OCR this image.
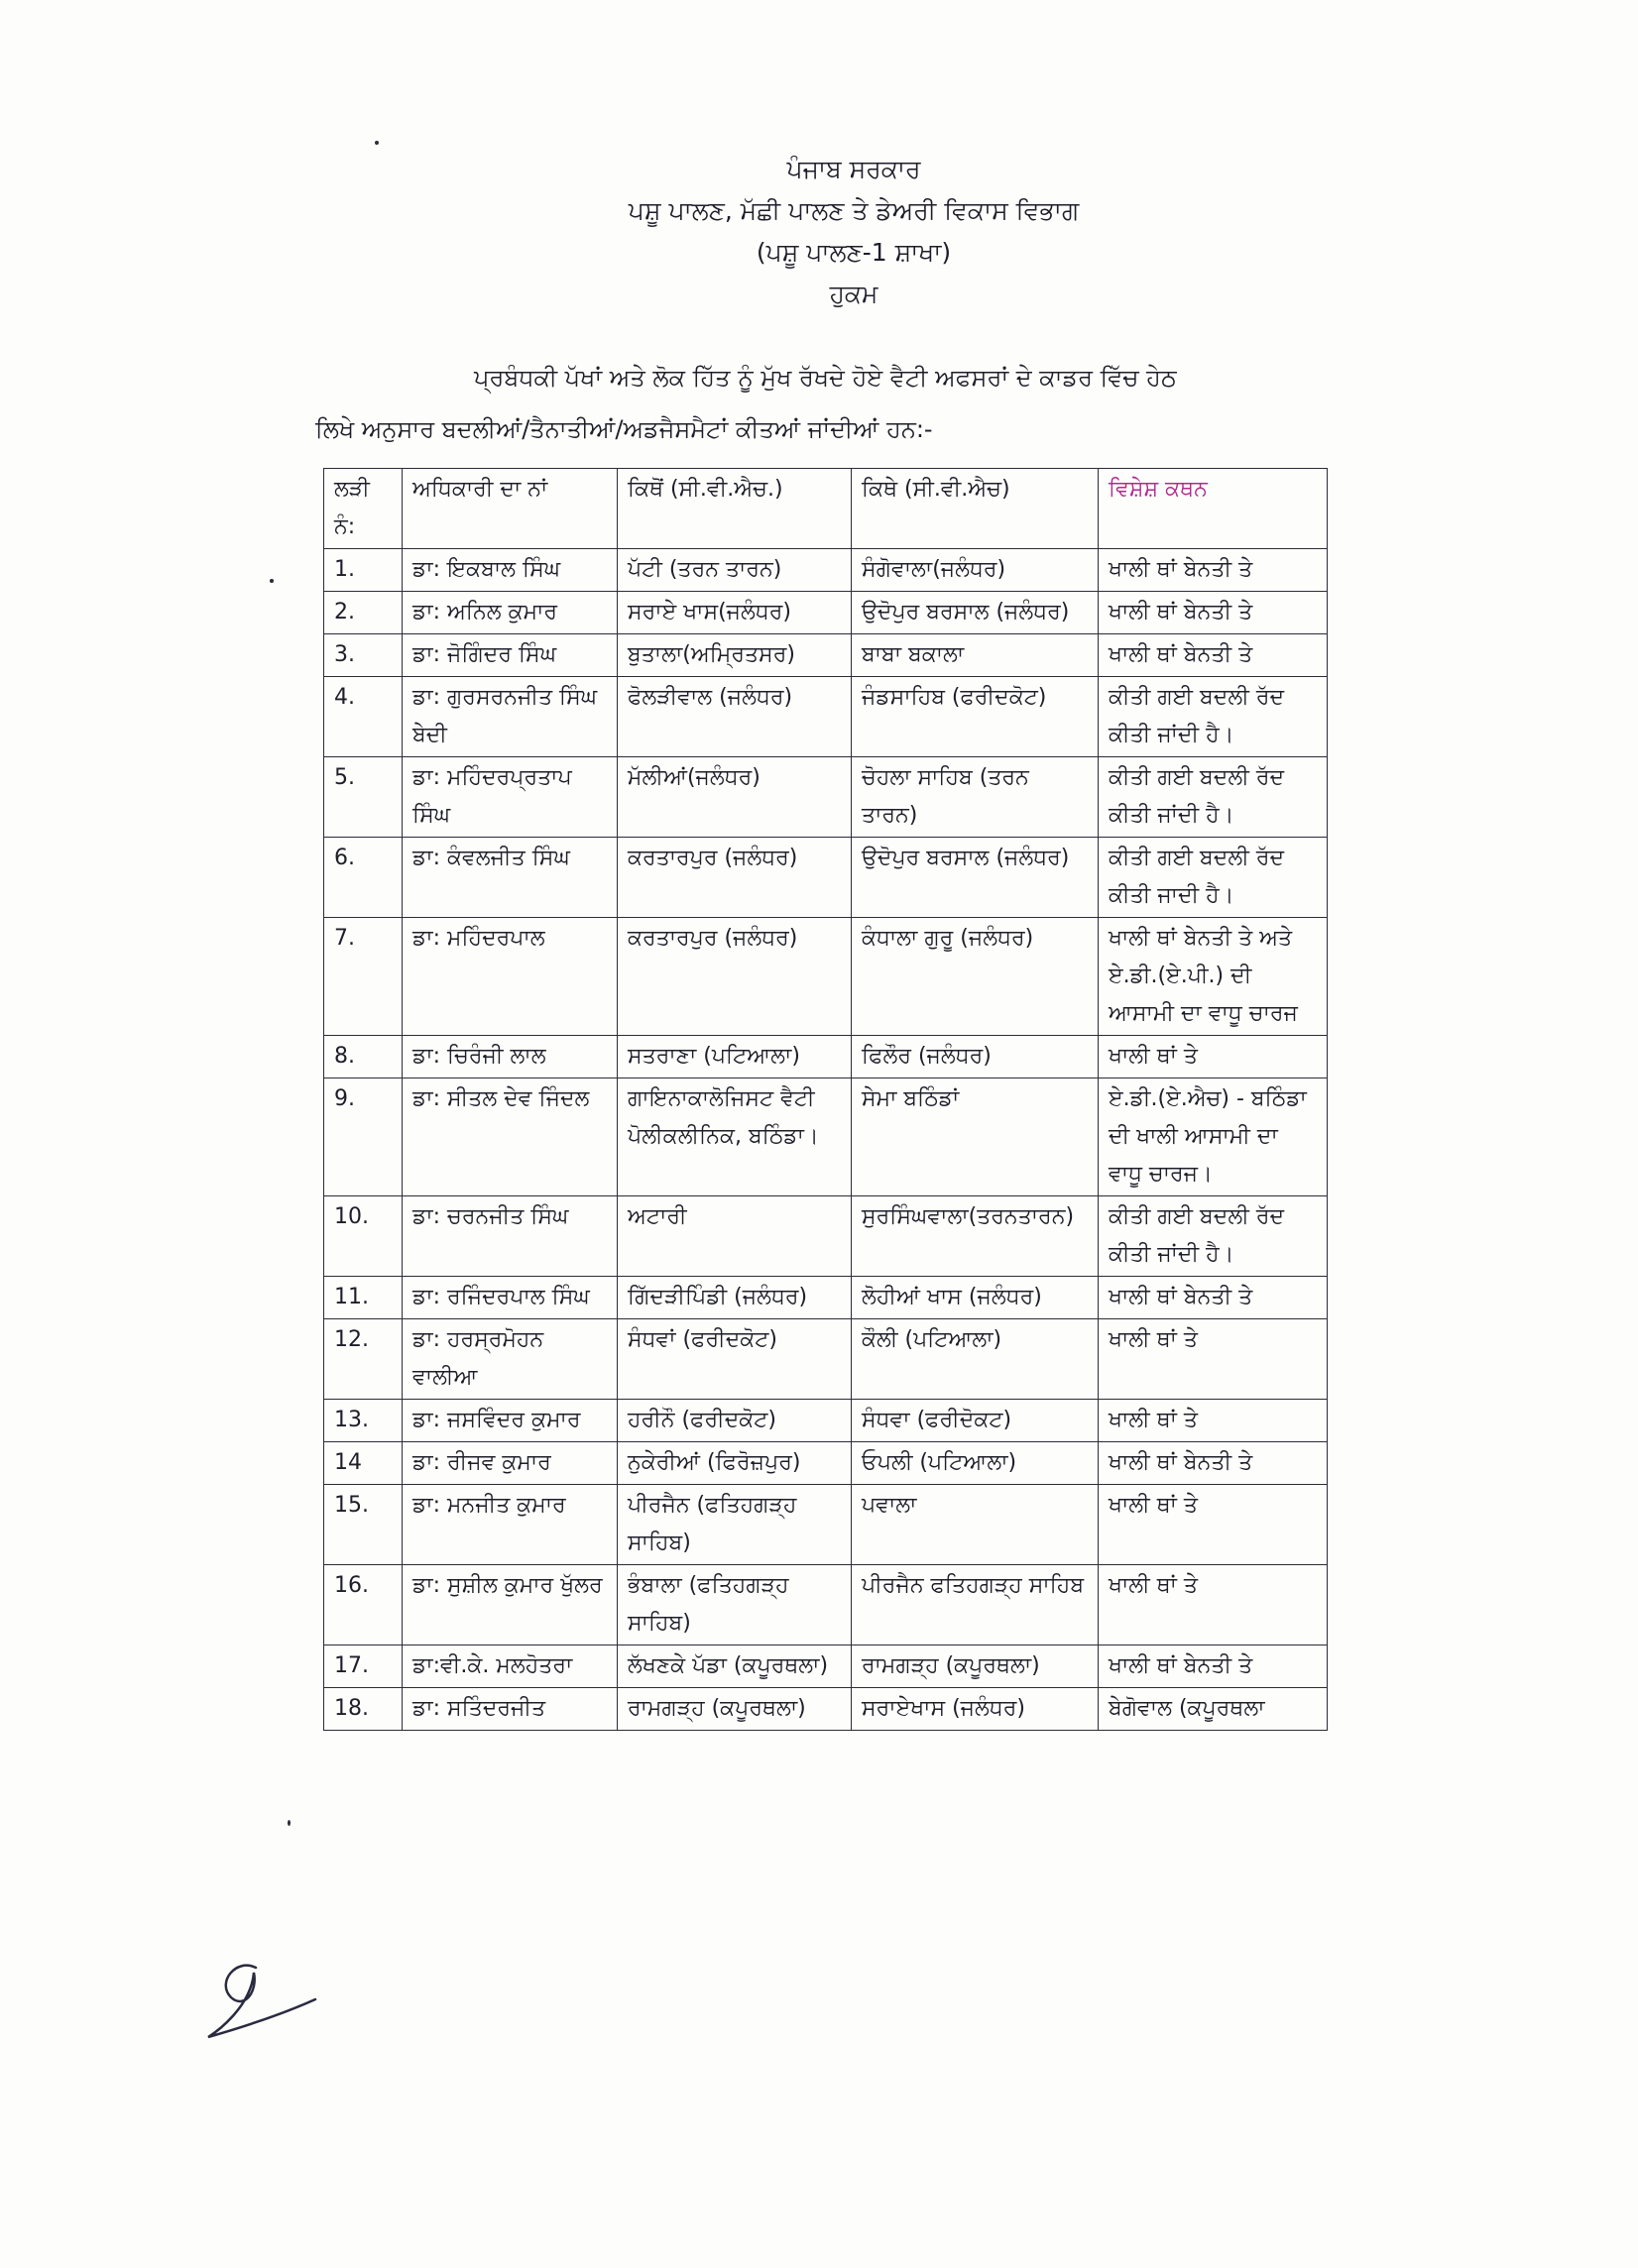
ਪੰਜਾਬ ਸਰਕਾਰ
ਪਸ਼ੂ ਪਾਲਣ, ਮੱਛੀ ਪਾਲਣ ਤੇ ਡੇਅਰੀ ਵਿਕਾਸ ਵਿਭਾਗ
(ਪਸ਼ੂ ਪਾਲਣ-1 ਸ਼ਾਖਾ)
ਹੁਕਮ
ਪ੍ਰਬੰਧਕੀ ਪੱਖਾਂ ਅਤੇ ਲੋਕ ਹਿੱਤ ਨੂੰ ਮੁੱਖ ਰੱਖਦੇ ਹੋਏ ਵੈਟੀ ਅਫਸਰਾਂ ਦੇ ਕਾਡਰ ਵਿੱਚ ਹੇਠ
ਲਿਖੇ ਅਨੁਸਾਰ ਬਦਲੀਆਂ/ਤੈਨਾਤੀਆਂ/ਅਡਜੈਸਮੈਟਾਂ ਕੀਤਆਂ ਜਾਂਦੀਆਂ ਹਨ:-
ਲੜੀ ਨੰ:	ਅਧਿਕਾਰੀ ਦਾ ਨਾਂ	ਕਿਥੋਂ (ਸੀ.ਵੀ.ਐਚ.)	ਕਿਥੇ (ਸੀ.ਵੀ.ਐਚ)	ਵਿਸ਼ੇਸ਼ ਕਥਨ
1.	ਡਾ: ਇਕਬਾਲ ਸਿੰਘ	ਪੱਟੀ (ਤਰਨ ਤਾਰਨ)	ਸੰਗੋਵਾਲਾ(ਜਲੰਧਰ)	ਖਾਲੀ ਥਾਂ ਬੇਨਤੀ ਤੇ
2.	ਡਾ: ਅਨਿਲ ਕੁਮਾਰ	ਸਰਾਏ ਖਾਸ(ਜਲੰਧਰ)	ਉਦੋਪੁਰ ਬਰਸਾਲ (ਜਲੰਧਰ)	ਖਾਲੀ ਥਾਂ ਬੇਨਤੀ ਤੇ
3.	ਡਾ: ਜੋਗਿੰਦਰ ਸਿੰਘ	ਬੁਤਾਲਾ(ਅਮ੍ਰਿਤਸਰ)	ਬਾਬਾ ਬਕਾਲਾ	ਖਾਲੀ ਥਾਂ ਬੇਨਤੀ ਤੇ
4.	ਡਾ: ਗੁਰਸਰਨਜੀਤ ਸਿੰਘ ਬੇਦੀ	ਫੋਲੜੀਵਾਲ (ਜਲੰਧਰ)	ਜੰਡਸਾਹਿਬ (ਫਰੀਦਕੋਟ)	ਕੀਤੀ ਗਈ ਬਦਲੀ ਰੱਦ ਕੀਤੀ ਜਾਂਦੀ ਹੈ।
5.	ਡਾ: ਮਹਿੰਦਰਪ੍ਰਤਾਪ ਸਿੰਘ	ਮੱਲੀਆਂ(ਜਲੰਧਰ)	ਚੋਹਲਾ ਸਾਹਿਬ (ਤਰਨ ਤਾਰਨ)	ਕੀਤੀ ਗਈ ਬਦਲੀ ਰੱਦ ਕੀਤੀ ਜਾਂਦੀ ਹੈ।
6.	ਡਾ: ਕੰਵਲਜੀਤ ਸਿੰਘ	ਕਰਤਾਰਪੁਰ (ਜਲੰਧਰ)	ਉਦੋਪੁਰ ਬਰਸਾਲ (ਜਲੰਧਰ)	ਕੀਤੀ ਗਈ ਬਦਲੀ ਰੱਦ ਕੀਤੀ ਜਾਦੀ ਹੈ।
7.	ਡਾ: ਮਹਿੰਦਰਪਾਲ	ਕਰਤਾਰਪੁਰ (ਜਲੰਧਰ)	ਕੰਧਾਲਾ ਗੁਰੂ (ਜਲੰਧਰ)	ਖਾਲੀ ਥਾਂ ਬੇਨਤੀ ਤੇ ਅਤੇ ਏ.ਡੀ.(ਏ.ਪੀ.) ਦੀ ਆਸਾਮੀ ਦਾ ਵਾਧੂ ਚਾਰਜ
8.	ਡਾ: ਚਿਰੰਜੀ ਲਾਲ	ਸਤਰਾਣਾ (ਪਟਿਆਲਾ)	ਫਿਲੌਰ (ਜਲੰਧਰ)	ਖਾਲੀ ਥਾਂ ਤੇ
9.	ਡਾ: ਸੀਤਲ ਦੇਵ ਜਿੰਦਲ	ਗਾਇਨਾਕਾਲੋਜਿਸਟ ਵੈਟੀ ਪੋਲੀਕਲੀਨਿਕ, ਬਠਿੰਡਾ।	ਸੇਮਾ ਬਠਿੰਡਾਂ	ਏ.ਡੀ.(ਏ.ਐਚ) - ਬਠਿੰਡਾ ਦੀ ਖਾਲੀ ਆਸਾਮੀ ਦਾ ਵਾਧੂ ਚਾਰਜ।
10.	ਡਾ: ਚਰਨਜੀਤ ਸਿੰਘ	ਅਟਾਰੀ	ਸੁਰਸਿੰਘਵਾਲਾ(ਤਰਨਤਾਰਨ)	ਕੀਤੀ ਗਈ ਬਦਲੀ ਰੱਦ ਕੀਤੀ ਜਾਂਦੀ ਹੈ।
11.	ਡਾ: ਰਜਿੰਦਰਪਾਲ ਸਿੰਘ	ਗਿੱਦੜੀਪਿੰਡੀ (ਜਲੰਧਰ)	ਲੋਹੀਆਂ ਖਾਸ (ਜਲੰਧਰ)	ਖਾਲੀ ਥਾਂ ਬੇਨਤੀ ਤੇ
12.	ਡਾ: ਹਰਸ੍ਰਮੋਹਨ ਵਾਲੀਆ	ਸੰਧਵਾਂ (ਫਰੀਦਕੋਟ)	ਕੌਲੀ (ਪਟਿਆਲਾ)	ਖਾਲੀ ਥਾਂ ਤੇ
13.	ਡਾ: ਜਸਵਿੰਦਰ ਕੁਮਾਰ	ਹਰੀਨੌ (ਫਰੀਦਕੋਟ)	ਸੰਧਵਾ (ਫਰੀਦੋਕਟ)	ਖਾਲੀ ਥਾਂ ਤੇ
14	ਡਾ: ਰੀਜਵ ਕੁਮਾਰ	ਨੁਕੇਰੀਆਂ (ਫਿਰੋਜ਼ਪੁਰ)	ਓਪਲੀ (ਪਟਿਆਲਾ)	ਖਾਲੀ ਥਾਂ ਬੇਨਤੀ ਤੇ
15.	ਡਾ: ਮਨਜੀਤ ਕੁਮਾਰ	ਪੀਰਜੈਨ (ਫਤਿਹਗੜ੍ਹ ਸਾਹਿਬ)	ਪਵਾਲਾ	ਖਾਲੀ ਥਾਂ ਤੇ
16.	ਡਾ: ਸੁਸ਼ੀਲ ਕੁਮਾਰ ਖੁੱਲਰ	ਭੰਬਾਲਾ (ਫਤਿਹਗੜ੍ਹ ਸਾਹਿਬ)	ਪੀਰਜੈਨ ਫਤਿਹਗੜ੍ਹ ਸਾਹਿਬ	ਖਾਲੀ ਥਾਂ ਤੇ
17.	ਡਾ:ਵੀ.ਕੇ. ਮਲਹੋਤਰਾ	ਲੱਖਣਕੇ ਪੱਡਾ (ਕਪੂਰਥਲਾ)	ਰਾਮਗੜ੍ਹ (ਕਪੂਰਥਲਾ)	ਖਾਲੀ ਥਾਂ ਬੇਨਤੀ ਤੇ
18.	ਡਾ: ਸਤਿੰਦਰਜੀਤ	ਰਾਮਗੜ੍ਹ (ਕਪੂਰਥਲਾ)	ਸਰਾਏਖਾਸ (ਜਲੰਧਰ)	ਬੇਗੋਵਾਲ (ਕਪੂਰਥਲਾ
